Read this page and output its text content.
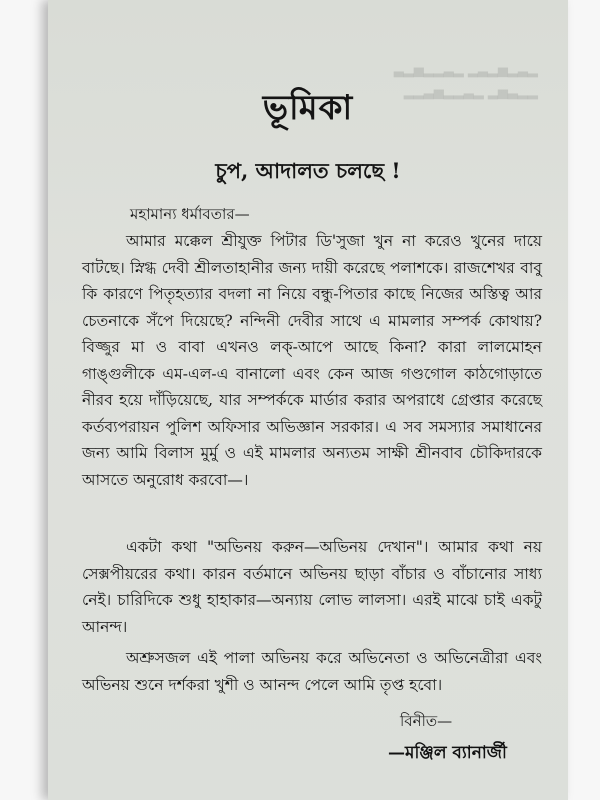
▂▃▂▅▂▃▂ ▂▃▂▂▅▂▃
▂▂▃▅▂ ▂▃▂▂▅▃▂▂
ভূমিকা
চুপ, আদালত চলছে !
মহামান্য ধর্মাবতার—
আমার মক্কেল শ্রীযুক্ত পিটার ডি'সুজা খুন না করেও খুনের দায়ে বাটছে। স্নিগ্ধ দেবী শ্রীলতাহানীর জন্য দায়ী করেছে পলাশকে। রাজশেখর বাবু কি কারণে পিতৃহত্যার বদলা না নিয়ে বন্ধু-পিতার কাছে নিজের অস্তিত্ব আর চেতনাকে সঁপে দিয়েছে? নন্দিনী দেবীর সাথে এ মামলার সম্পর্ক কোথায়? বিজ্জুর মা ও বাবা এখনও লক্-আপে আছে কিনা? কারা লালমোহন গাঙ্গুলীকে এম-এল-এ বানালো এবং কেন আজ গণ্ডগোল কাঠগোড়াতে নীরব হয়ে দাঁড়িয়েছে, যার সম্পর্ককে মার্ডার করার অপরাধে গ্রেপ্তার করেছে কর্তব্যপরায়ন পুলিশ অফিসার অভিজ্ঞান সরকার। এ সব সমস্যার সমাধানের জন্য আমি বিলাস মুর্মু ও এই মামলার অন্যতম সাক্ষী শ্রীনবাব চৌকিদারকে আসতে অনুরোধ করবো—।
একটা কথা "অভিনয় করুন—অভিনয় দেখান"। আমার কথা নয় সেক্সপীয়রের কথা। কারন বর্তমানে অভিনয় ছাড়া বাঁচার ও বাঁচানোর সাধ্য নেই। চারিদিকে শুধু হাহাকার—অন্যায় লোভ লালসা। এরই মাঝে চাই একটু আনন্দ।
অশ্রুসজল এই পালা অভিনয় করে অভিনেতা ও অভিনেত্রীরা এবং অভিনয় শুনে দর্শকরা খুশী ও আনন্দ পেলে আমি তৃপ্ত হবো।
বিনীত—
—মঞ্জিল ব্যানার্জী
